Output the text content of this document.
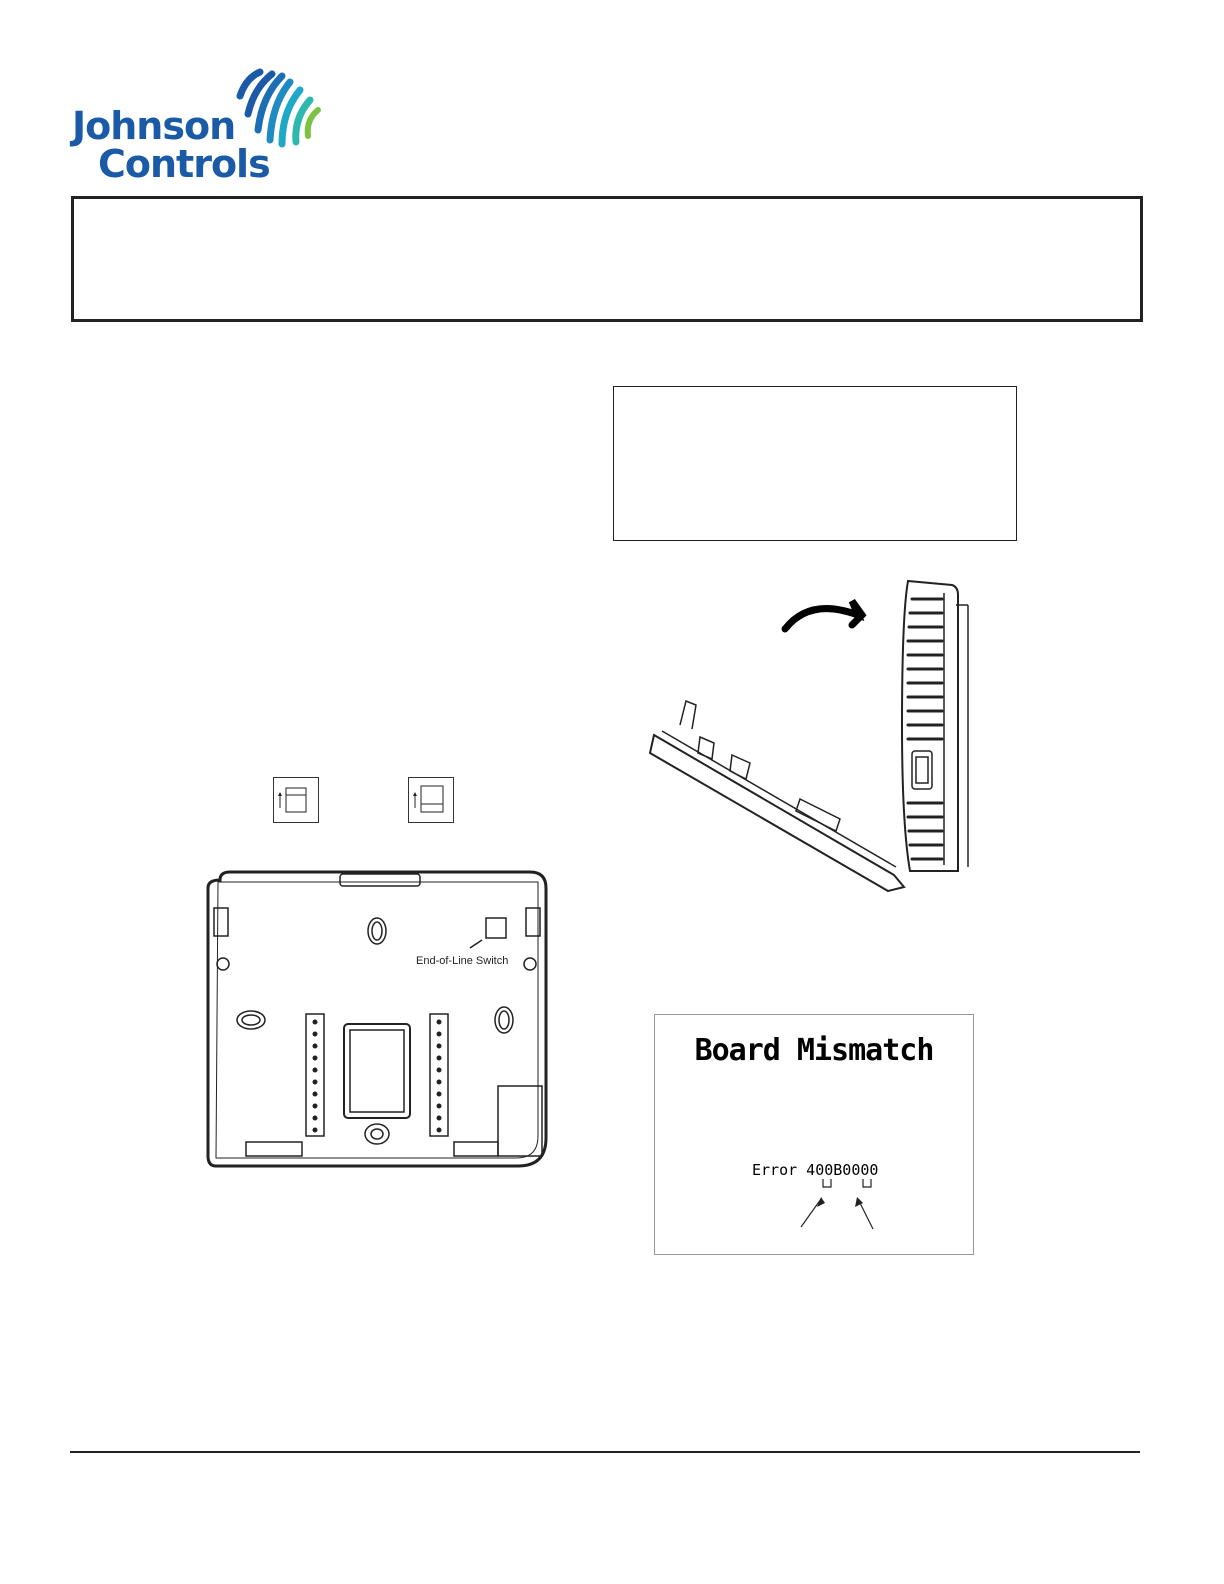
Johnson
Controls
End-of-Line Switch
Board Mismatch
Error 400B0000
